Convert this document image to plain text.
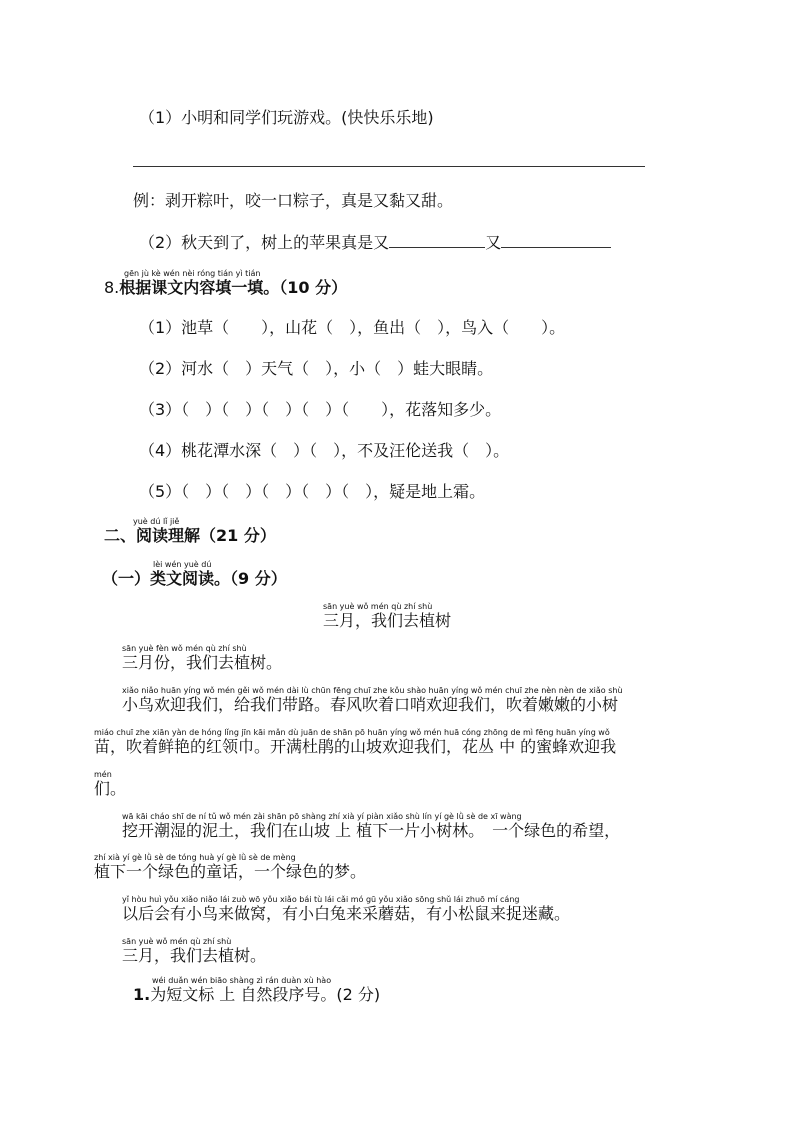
（1）小明和同学们玩游戏。(快快乐乐地)
例：剥开粽叶，咬一口粽子，真是又黏又甜。
（2）秋天到了，树上的苹果真是又	又
gēn jù kè wén nèi róng tián yì tián
8.根据课文内容填一填。（10 分）
（1）池草（　　），山花（　），鱼出（　），鸟入（　　）。
（2）河水（　）天气（　），小（　）蛙大眼睛。
（3）（　）（　）（　）（　）（　　），花落知多少。
（4）桃花潭水深（　）（　），不及汪伦送我（　）。
（5）（　）（　）（　）（　）（　），疑是地上霜。
yuè dú lǐ jiě
二、阅读理解（21 分）
lèi wén yuè dú
（一）类文阅读。（9 分）
sān yuè wǒ mén qù zhí shù
三月，我们去植树
sān yuè fèn wǒ mén qù zhí shù
三月份，我们去植树。
xiǎo niǎo huān yíng wǒ mén gěi wǒ mén dài lù chūn fēng chuī zhe kǒu shào huān yíng wǒ mén chuī zhe nèn nèn de xiǎo shù
小鸟欢迎我们，给我们带路。春风吹着口哨欢迎我们，吹着嫩嫩的小树
miáo chuī zhe xiān yàn de hóng lǐng jīn kāi mǎn dù juān de shān pō huān yíng wǒ mén huā cóng zhōng de mì fēng huān yíng wǒ
苗，吹着鲜艳的红领巾。开满杜鹃的山坡欢迎我们，花丛 中 的蜜蜂欢迎我
mén
们。
wā kāi cháo shī de ní tǔ wǒ mén zài shān pō shàng zhí xià yí piàn xiǎo shù lín yí gè lǜ sè de xī wàng
挖开潮湿的泥土，我们在山坡 上 植下一片小树林。　一个绿色的希望，
zhí xià yí gè lǜ sè de tóng huà yí gè lǜ sè de mèng
植下一个绿色的童话，一个绿色的梦。
yǐ hòu huì yǒu xiǎo niǎo lái zuò wō yǒu xiǎo bái tù lái cǎi mó gū yǒu xiǎo sōng shǔ lái zhuō mí cáng
以后会有小鸟来做窝，有小白兔来采蘑菇，有小松鼠来捉迷藏。
sān yuè wǒ mén qù zhí shù
三月，我们去植树。
wéi duǎn wén biāo shàng zì rán duàn xù hào
1.为短文标 上 自然段序号。(2 分)
